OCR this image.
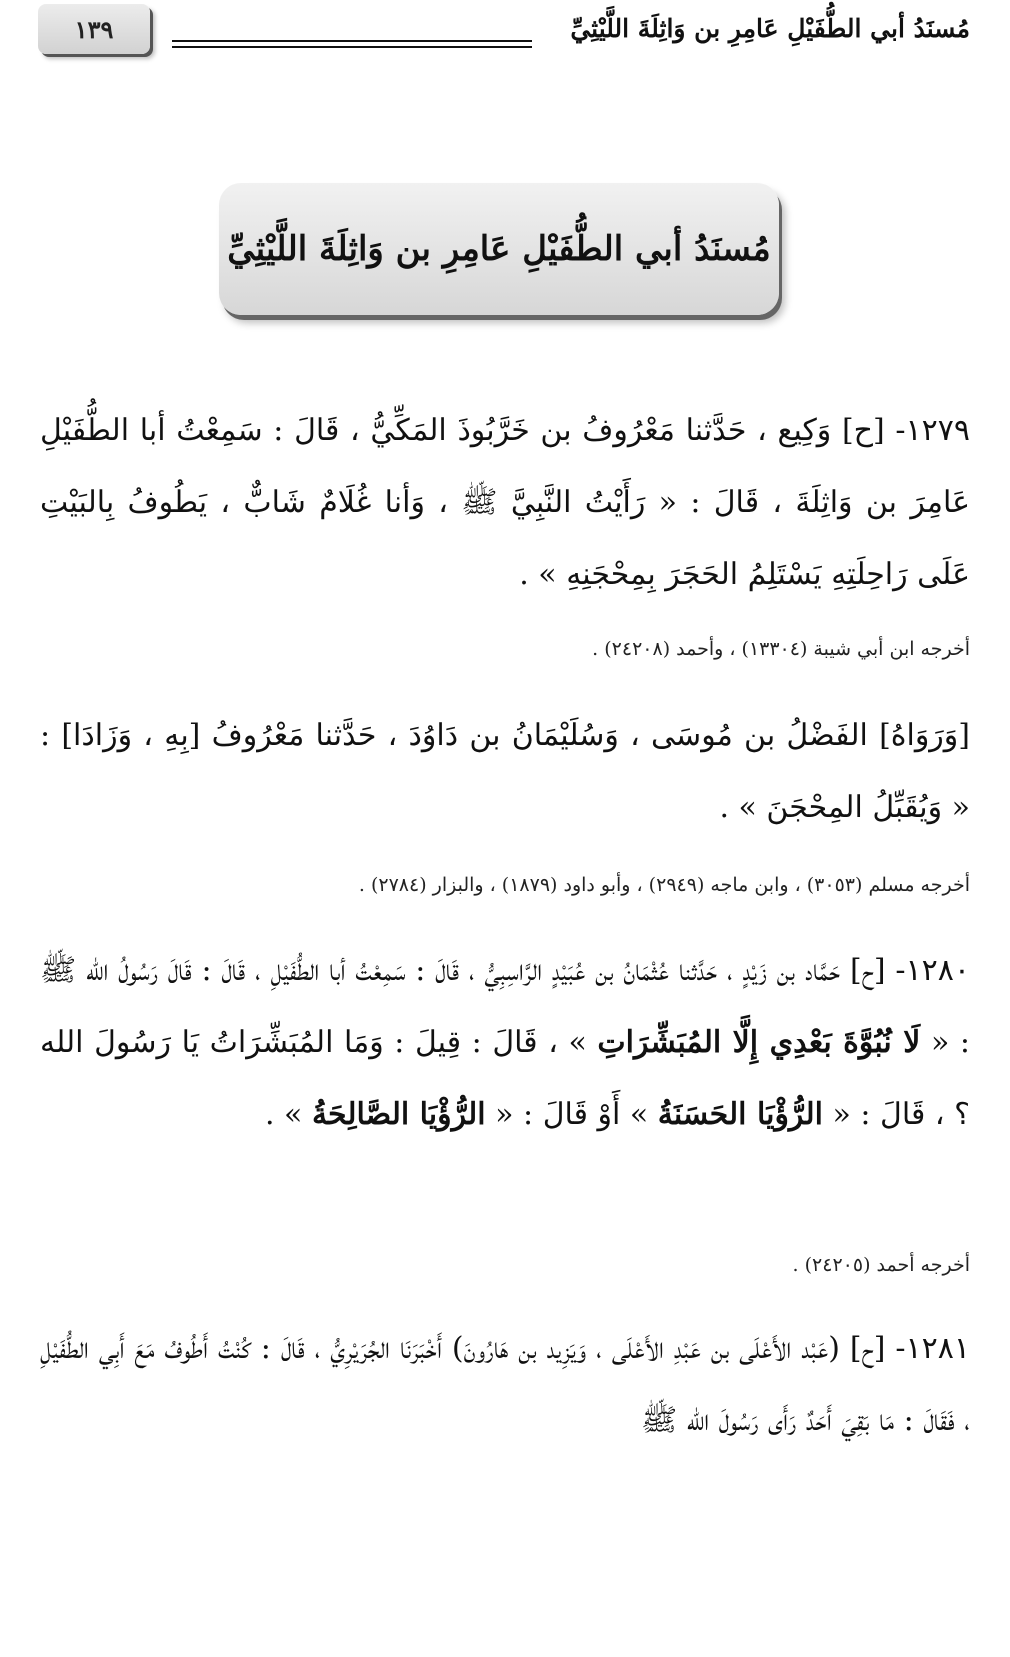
مُسنَدُ أبي الطُّفَيْلِ عَامِرِ بن وَاثِلَةَ اللَّيْثِيِّ
١٣٩
مُسنَدُ أبي الطُّفَيْلِ عَامِرِ بن وَاثِلَةَ اللَّيْثِيِّ

١٢٧٩- [ح] وَكِيع ، حَدَّثنا مَعْرُوفُ بن خَرَّبُوذَ المَكِّيُّ ، قَالَ : سَمِعْتُ أبا الطُّفَيْلِ عَامِرَ بن وَاثِلَةَ ، قَالَ : « رَأَيْتُ النَّبِيَّ ﷺ ، وَأنا غُلَامٌ شَابٌّ ، يَطُوفُ بِالبَيْتِ عَلَى رَاحِلَتِهِ يَسْتَلِمُ الحَجَرَ بِمِحْجَنِهِ » .

أخرجه ابن أبي شيبة (١٣٣٠٤) ، وأحمد (٢٤٢٠٨) .

[وَرَوَاهُ] الفَضْلُ بن مُوسَى ، وَسُلَيْمَانُ بن دَاوُدَ ، حَدَّثنا مَعْرُوفُ [بِهِ ، وَزَادَا] : « وَيُقَبِّلُ المِحْجَنَ » .

أخرجه مسلم (٣٠٥٣) ، وابن ماجه (٢٩٤٩) ، وأبو داود (١٨٧٩) ، والبزار (٢٧٨٤) .

١٢٨٠- [ح] حَمَّاد بن زَيْدٍ ، حَدَّثنا عُثْمَانُ بن عُبَيْدٍ الرَّاسِبِيُّ ، قَالَ : سَمِعْتُ أبا الطُّفَيْلِ ، قَالَ : قَالَ رَسُولُ الله ﷺ : « لَا نُبُوَّةَ بَعْدِي إِلَّا المُبَشِّرَاتِ » ، قَالَ : قِيلَ : وَمَا المُبَشِّرَاتُ يَا رَسُولَ الله ؟ ، قَالَ : « الرُّؤْيَا الحَسَنَةُ » أَوْ قَالَ : « الرُّؤْيَا الصَّالِحَةُ » .

أخرجه أحمد (٢٤٢٠٥) .

١٢٨١- [ح] (عَبْد الأَعْلَى بن عَبْدِ الأَعْلَى ، وَيَزِيد بن هَارُونَ) أَخْبَرَنَا الجُرَيْرِيُّ ، قَالَ : كُنْتُ أَطُوفُ مَعَ أَبِي الطُّفَيْلِ ، فَقَالَ : مَا بَقِيَ أَحَدٌ رَأَى رَسُولَ الله ﷺ
